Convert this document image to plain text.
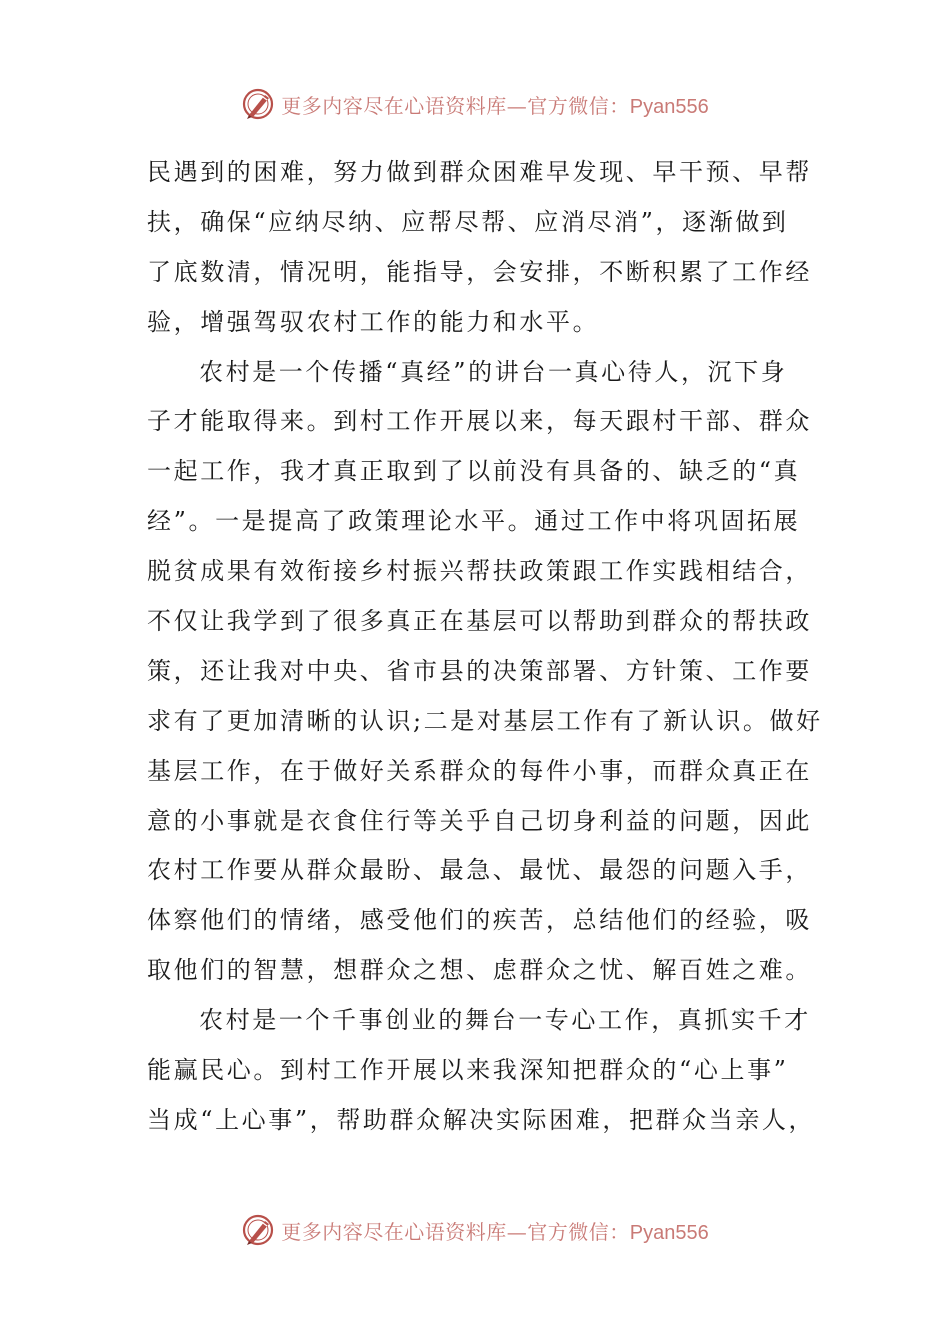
更多内容尽在心语资料库—官方微信：Pyan556
民遇到的困难，努力做到群众困难早发现、早干预、早帮
扶，确保“应纳尽纳、应帮尽帮、应消尽消”，逐渐做到
了底数清，情况明，能指导，会安排，不断积累了工作经
验，增强驾驭农村工作的能力和水平。
农村是一个传播“真经”的讲台一真心待人，沉下身
子才能取得来。到村工作开展以来，每天跟村干部、群众
一起工作，我才真正取到了以前没有具备的、缺乏的“真
经”。一是提高了政策理论水平。通过工作中将巩固拓展
脱贫成果有效衔接乡村振兴帮扶政策跟工作实践相结合，
不仅让我学到了很多真正在基层可以帮助到群众的帮扶政
策，还让我对中央、省市县的决策部署、方针策、工作要
求有了更加清晰的认识;二是对基层工作有了新认识。做好
基层工作，在于做好关系群众的每件小事，而群众真正在
意的小事就是衣食住行等关乎自己切身利益的问题，因此
农村工作要从群众最盼、最急、最忧、最怨的问题入手，
体察他们的情绪，感受他们的疾苦，总结他们的经验，吸
取他们的智慧，想群众之想、虑群众之忧、解百姓之难。
农村是一个千事创业的舞台一专心工作，真抓实千才
能赢民心。到村工作开展以来我深知把群众的“心上事”
当成“上心事”，帮助群众解决实际困难，把群众当亲人，
更多内容尽在心语资料库—官方微信：Pyan556
